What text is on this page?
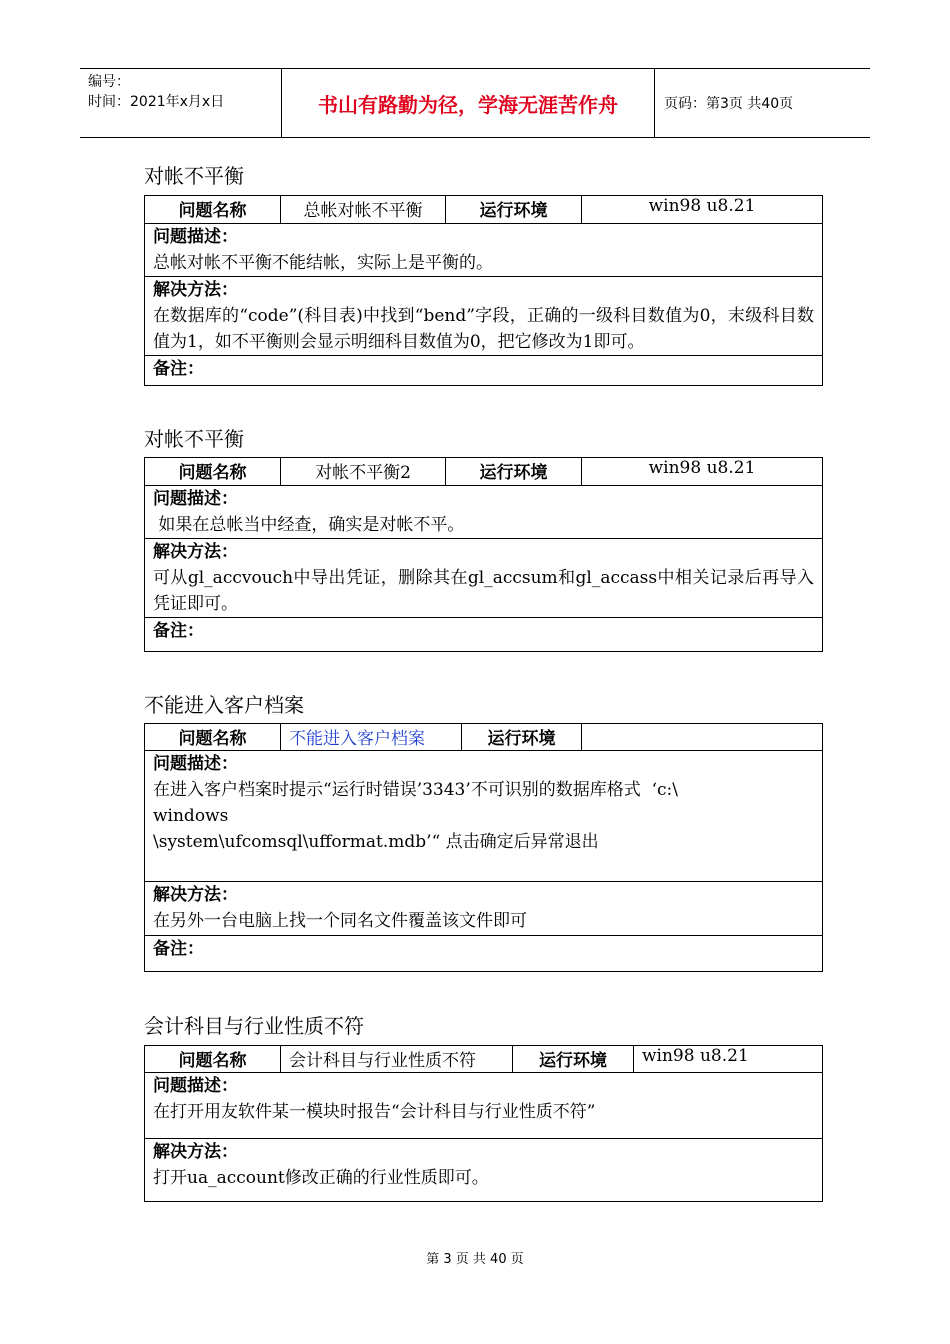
编号：
时间：2021年x月x日	书山有路勤为径，学海无涯苦作舟	页码：第3页 共40页
对帐不平衡
问题名称	总帐对帐不平衡	运行环境	win98 u8.21

问题描述：
总帐对帐不平衡不能结帐，实际上是平衡的。

解决方法：
在数据库的“code”(科目表)中找到“bend”字段，正确的一级科目数值为0，末级科目数值为1，如不平衡则会显示明细科目数值为0，把它修改为1即可。

备注：
对帐不平衡
问题名称	对帐不平衡2	运行环境	win98 u8.21

问题描述：
如果在总帐当中经查，确实是对帐不平。

解决方法：
可从gl_accvouch中导出凭证，删除其在gl_accsum和gl_accass中相关记录后再导入凭证即可。

备注：
不能进入客户档案
问题名称	不能进入客户档案	运行环境	

问题描述：
在进入客户档案时提示“运行时错误’3343’不可识别的数据库格式  ‘c:\
windows
\system\ufcomsql\ufformat.mdb’“ 点击确定后异常退出

解决方法：
在另外一台电脑上找一个同名文件覆盖该文件即可

备注：
会计科目与行业性质不符
问题名称	会计科目与行业性质不符	运行环境	win98 u8.21

问题描述：
在打开用友软件某一模块时报告“会计科目与行业性质不符”

解决方法：
打开ua_account修改正确的行业性质即可。
第 3 页 共 40 页
